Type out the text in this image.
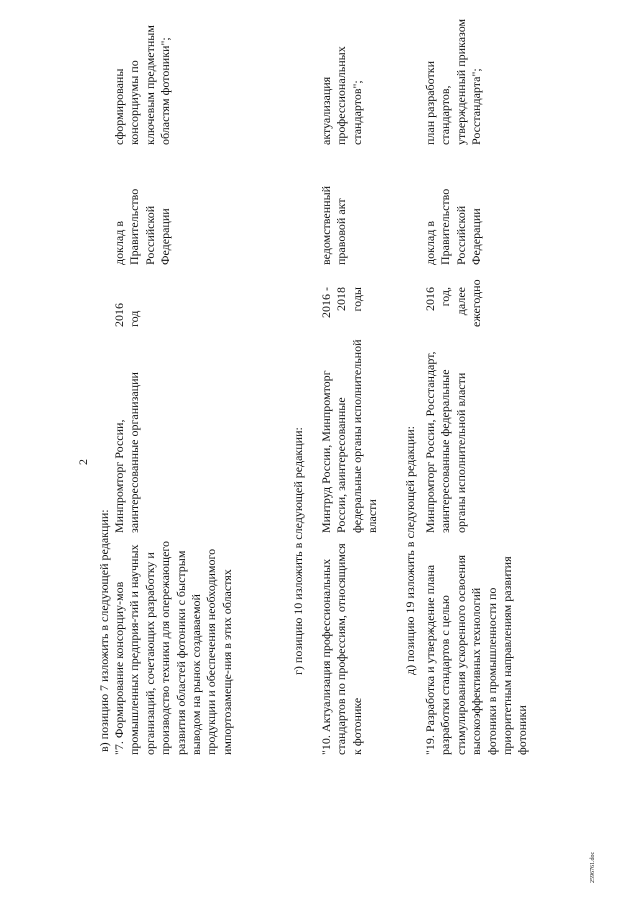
2
в) позицию 7 изложить в следующей редакции: "7. Формирование консорциу-мов промышленных предприя-тий и научных организаций, сочетающих разработку и производство техники для опережающего развития областей фотоники с быстрым выводом на рынок создаваемой продукции и обеспечения необходимого импортозамеще-ния в этих областях
Минпромторг России, заинтересованные организации
2016 год
доклад в Правительство Российской Федерации
сформированы консорциумы по ключевым предметным областям фотоники";
г) позицию 10 изложить в следующей редакции: "10. Актуализация профессиональных стандартов по профессиям, относящимся к фотонике
Минтруд России, Минпромторг России, заинтересованные федеральные органы исполнительной власти
2016 - 2018 годы
ведомственный правовой акт
актуализация профессиональных стандартов";
д) позицию 19 изложить в следующей редакции: "19. Разработка и утверждение плана разработки стандартов с целью стимулирования ускоренного освоения высокоэффективных технологий фотоники в промышленности по приоритетным направлениям развития фотоники
Минпромторг России, Росстандарт, заинтересованные федеральные органы исполнительной власти
2016 год, далее ежегодно
доклад в Правительство Российской Федерации
план разработки стандартов, утвержденный приказом Росстандарта";
2596761.doc
